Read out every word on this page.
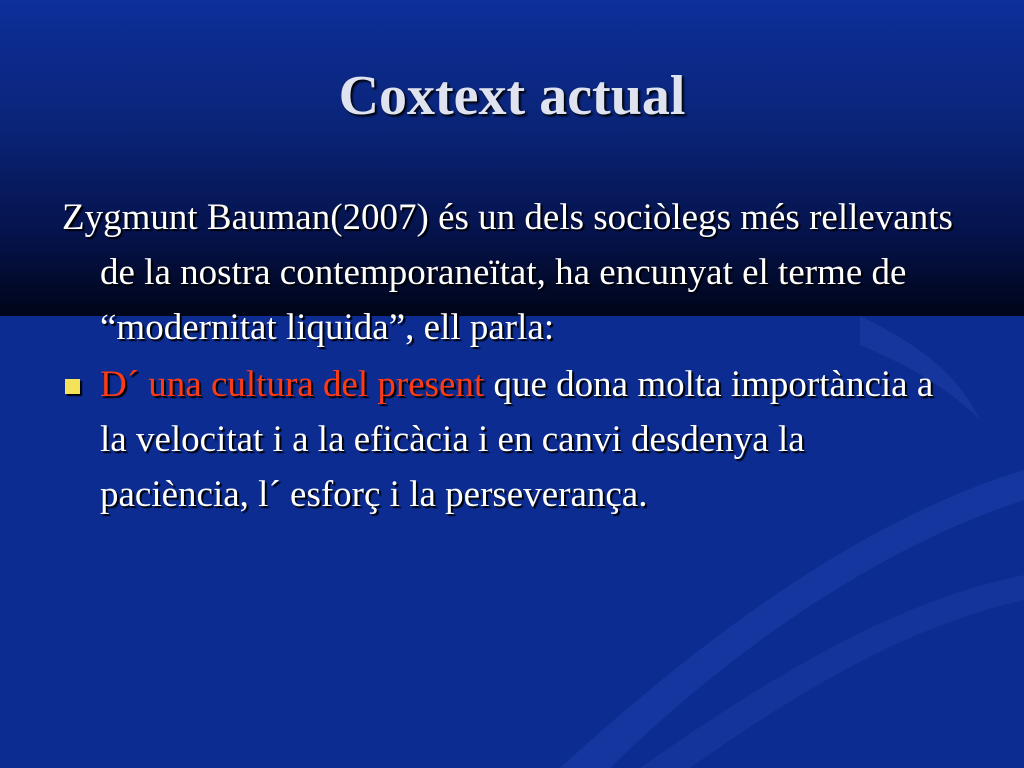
Coxtext actual

Zygmunt Bauman(2007) és un dels sociòlegs més rellevants de la nostra contemporaneïtat, ha encunyat el terme de “modernitat liquida”, ell parla:

D´ una cultura del present que dona molta importància a la velocitat i a la eficàcia i en canvi desdenya la paciència, l´ esforç i la perseverança.
